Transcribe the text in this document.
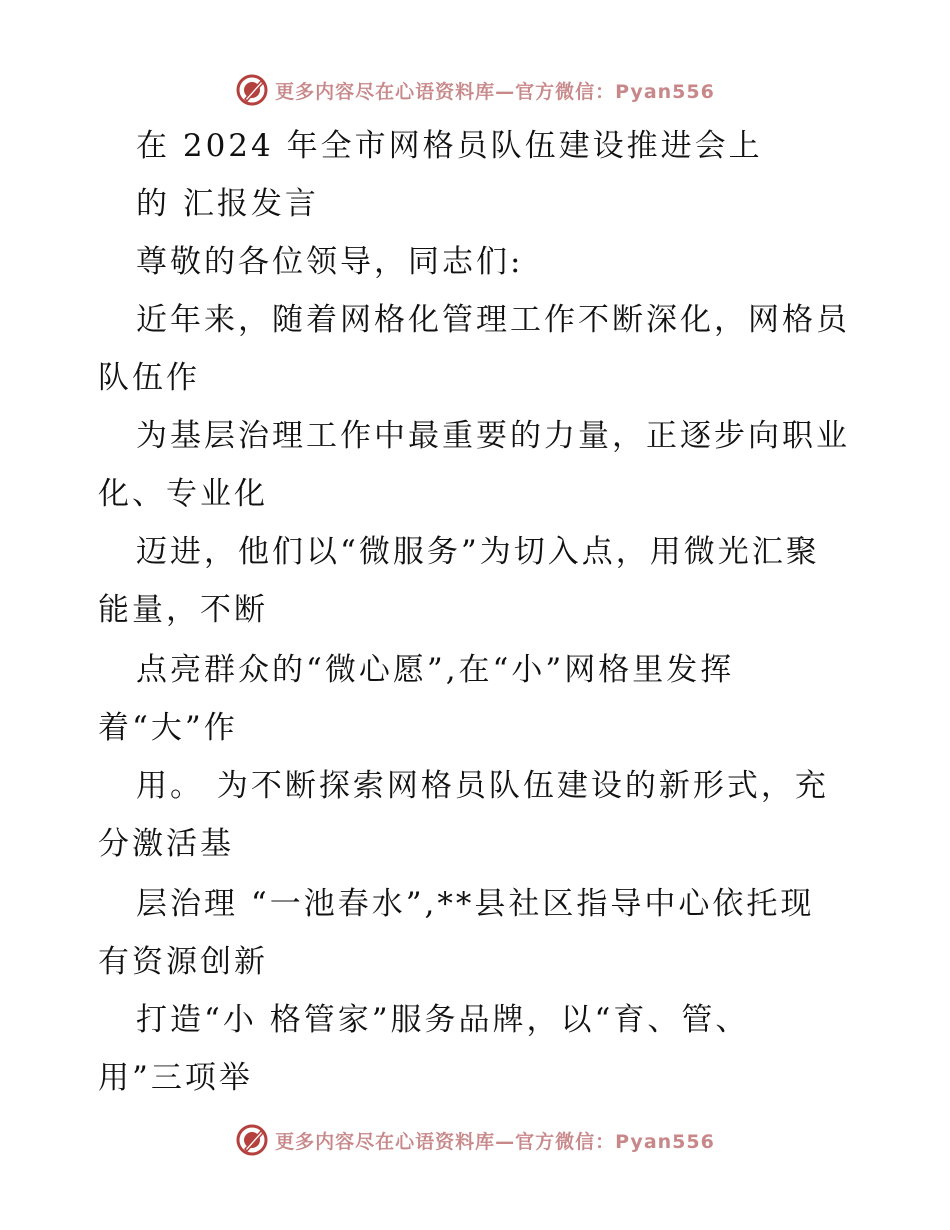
更多内容尽在心语资料库—官方微信：Pyan556
在 2024 年全市网格员队伍建设推进会上
的 汇报发言
尊敬的各位领导，同志们:
近年来，随着网格化管理工作不断深化，网格员
队伍作
为基层治理工作中最重要的力量，正逐步向职业
化、专业化
迈进，他们以“微服务”为切入点，用微光汇聚
能量，不断
点亮群众的“微心愿”,在“小”网格里发挥
着“大”作
用。 为不断探索网格员队伍建设的新形式，充
分激活基
层治理 “一池春水”,**县社区指导中心依托现
有资源创新
打造“小 格管家”服务品牌，以“育、管、
用”三项举
更多内容尽在心语资料库—官方微信：Pyan556
